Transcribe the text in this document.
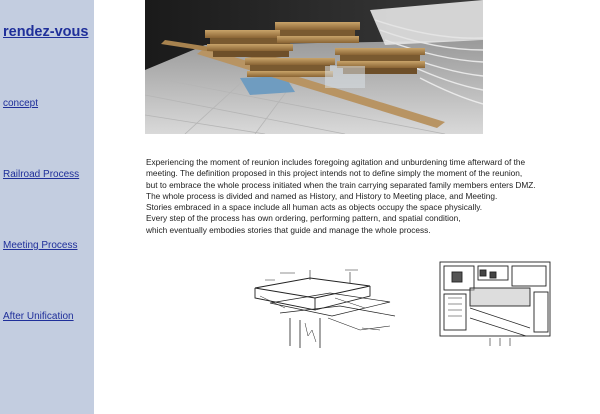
rendez-vous
concept
Railroad Process
Meeting Process
After Unification
Experiencing the moment of reunion includes foregoing agitation and unburdening time afterward of the
meeting. The definition proposed in this project intends not to define simply the moment of the reunion,
but to embrace the whole process initiated when the train carrying separated family members enters DMZ.
The whole process is divided and named as History, and History to Meeting place, and Meeting.
Stories embraced in a space include all human acts as objects occupy the space physically.
Every step of the process has own ordering, performing pattern, and spatial condition,
which eventually embodies stories that guide and manage the whole process.
